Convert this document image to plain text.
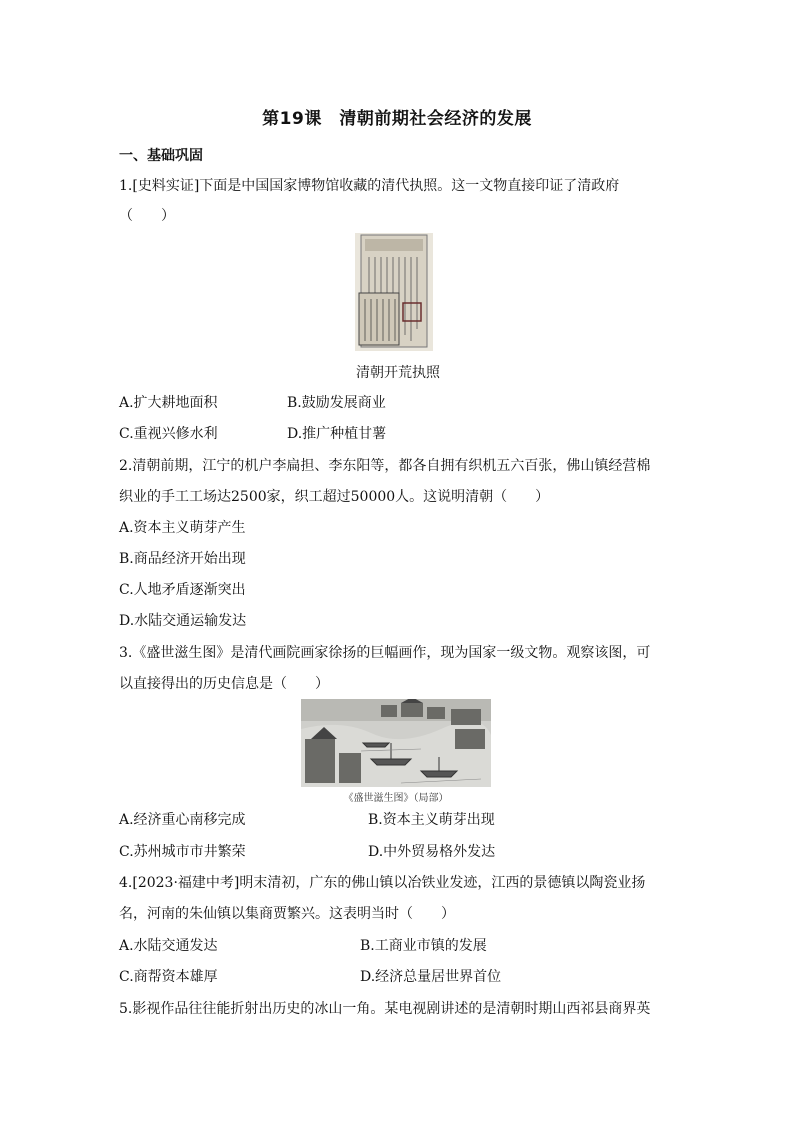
第19课　清朝前期社会经济的发展
一、基础巩固
1.[史料实证]下面是中国国家博物馆收藏的清代执照。这一文物直接印证了清政府
（　　）
清朝开荒执照
A.扩大耕地面积	B.鼓励发展商业
C.重视兴修水利	D.推广种植甘薯
2.清朝前期，江宁的机户李扁担、李东阳等，都各自拥有织机五六百张，佛山镇经营棉
织业的手工工场达2500家，织工超过50000人。这说明清朝（　　）
A.资本主义萌芽产生
B.商品经济开始出现
C.人地矛盾逐渐突出
D.水陆交通运输发达
3.《盛世滋生图》是清代画院画家徐扬的巨幅画作，现为国家一级文物。观察该图，可
以直接得出的历史信息是（　　）
《盛世滋生图》（局部）
A.经济重心南移完成	B.资本主义萌芽出现
C.苏州城市市井繁荣	D.中外贸易格外发达
4.[2023·福建中考]明末清初，广东的佛山镇以冶铁业发迹，江西的景德镇以陶瓷业扬
名，河南的朱仙镇以集商贾繁兴。这表明当时（　　）
A.水陆交通发达	B.工商业市镇的发展
C.商帮资本雄厚	D.经济总量居世界首位
5.影视作品往往能折射出历史的冰山一角。某电视剧讲述的是清朝时期山西祁县商界英
